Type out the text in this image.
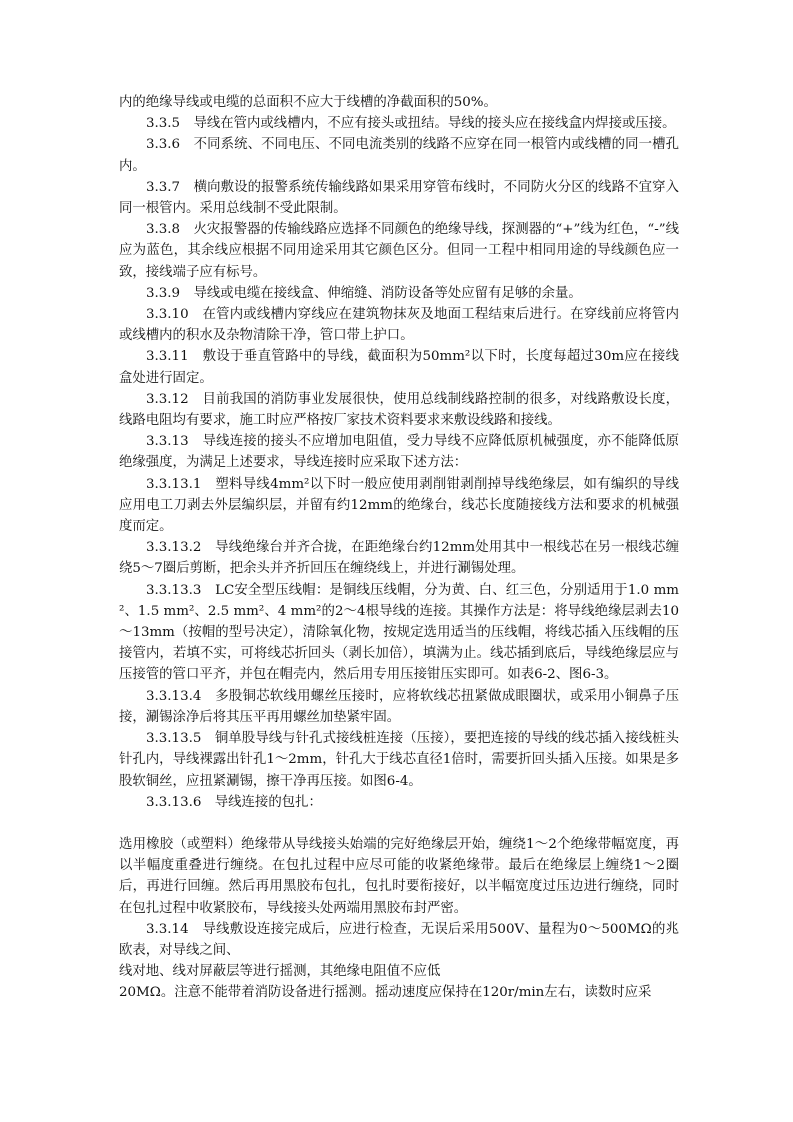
内的绝缘导线或电缆的总面积不应大于线槽的净截面积的50%。

3.3.5　导线在管内或线槽内，不应有接头或扭结。导线的接头应在接线盒内焊接或压接。

3.3.6　不同系统、不同电压、不同电流类别的线路不应穿在同一根管内或线槽的同一槽孔内。

3.3.7　横向敷设的报警系统传输线路如果采用穿管布线时，不同防火分区的线路不宜穿入同一根管内。采用总线制不受此限制。

3.3.8　火灾报警器的传输线路应选择不同颜色的绝缘导线，探测器的“+”线为红色，“-”线应为蓝色，其余线应根据不同用途采用其它颜色区分。但同一工程中相同用途的导线颜色应一致，接线端子应有标号。

3.3.9　导线或电缆在接线盒、伸缩缝、消防设备等处应留有足够的余量。

3.3.10　在管内或线槽内穿线应在建筑物抹灰及地面工程结束后进行。在穿线前应将管内或线槽内的积水及杂物清除干净，管口带上护口。

3.3.11　敷设于垂直管路中的导线，截面积为50mm²以下时，长度每超过30m应在接线盒处进行固定。

3.3.12　目前我国的消防事业发展很快，使用总线制线路控制的很多，对线路敷设长度，线路电阻均有要求，施工时应严格按厂家技术资料要求来敷设线路和接线。

3.3.13　导线连接的接头不应增加电阻值，受力导线不应降低原机械强度，亦不能降低原绝缘强度，为满足上述要求，导线连接时应采取下述方法：

3.3.13.1　塑料导线4mm²以下时一般应使用剥削钳剥削掉导线绝缘层，如有编织的导线应用电工刀剥去外层编织层，并留有约12mm的绝缘台，线芯长度随接线方法和要求的机械强度而定。

3.3.13.2　导线绝缘台并齐合拢，在距绝缘台约12mm处用其中一根线芯在另一根线芯缠绕5～7圈后剪断，把余头并齐折回压在缠绕线上，并进行涮锡处理。

3.3.13.3　LC安全型压线帽：是铜线压线帽，分为黄、白、红三色，分别适用于1.0 mm²、1.5 mm²、2.5 mm²、4 mm²的2～4根导线的连接。其操作方法是：将导线绝缘层剥去10～13mm（按帽的型号决定），清除氧化物，按规定选用适当的压线帽，将线芯插入压线帽的压接管内，若填不实，可将线芯折回头（剥长加倍），填满为止。线芯插到底后，导线绝缘层应与压接管的管口平齐，并包在帽壳内，然后用专用压接钳压实即可。如表6-2、图6-3。

3.3.13.4　多股铜芯软线用螺丝压接时，应将软线芯扭紧做成眼圈状，或采用小铜鼻子压接，涮锡涂净后将其压平再用螺丝加垫紧牢固。

3.3.13.5　铜单股导线与针孔式接线桩连接（压接），要把连接的导线的线芯插入接线桩头针孔内，导线裸露出针孔1～2mm，针孔大于线芯直径1倍时，需要折回头插入压接。如果是多股软铜丝，应扭紧涮锡，擦干净再压接。如图6-4。

3.3.13.6　导线连接的包扎：

选用橡胶（或塑料）绝缘带从导线接头始端的完好绝缘层开始，缠绕1～2个绝缘带幅宽度，再以半幅度重叠进行缠绕。在包扎过程中应尽可能的收紧绝缘带。最后在绝缘层上缠绕1～2圈后，再进行回缠。然后再用黑胶布包扎，包扎时要衔接好，以半幅宽度过压边进行缠绕，同时在包扎过程中收紧胶布，导线接头处两端用黑胶布封严密。

3.3.14　导线敷设连接完成后，应进行检查，无误后采用500V、量程为0～500MΩ的兆欧表，对导线之间、

线对地、线对屏蔽层等进行摇测，其绝缘电阻值不应低

20MΩ。注意不能带着消防设备进行摇测。摇动速度应保持在120r/min左右，读数时应采
